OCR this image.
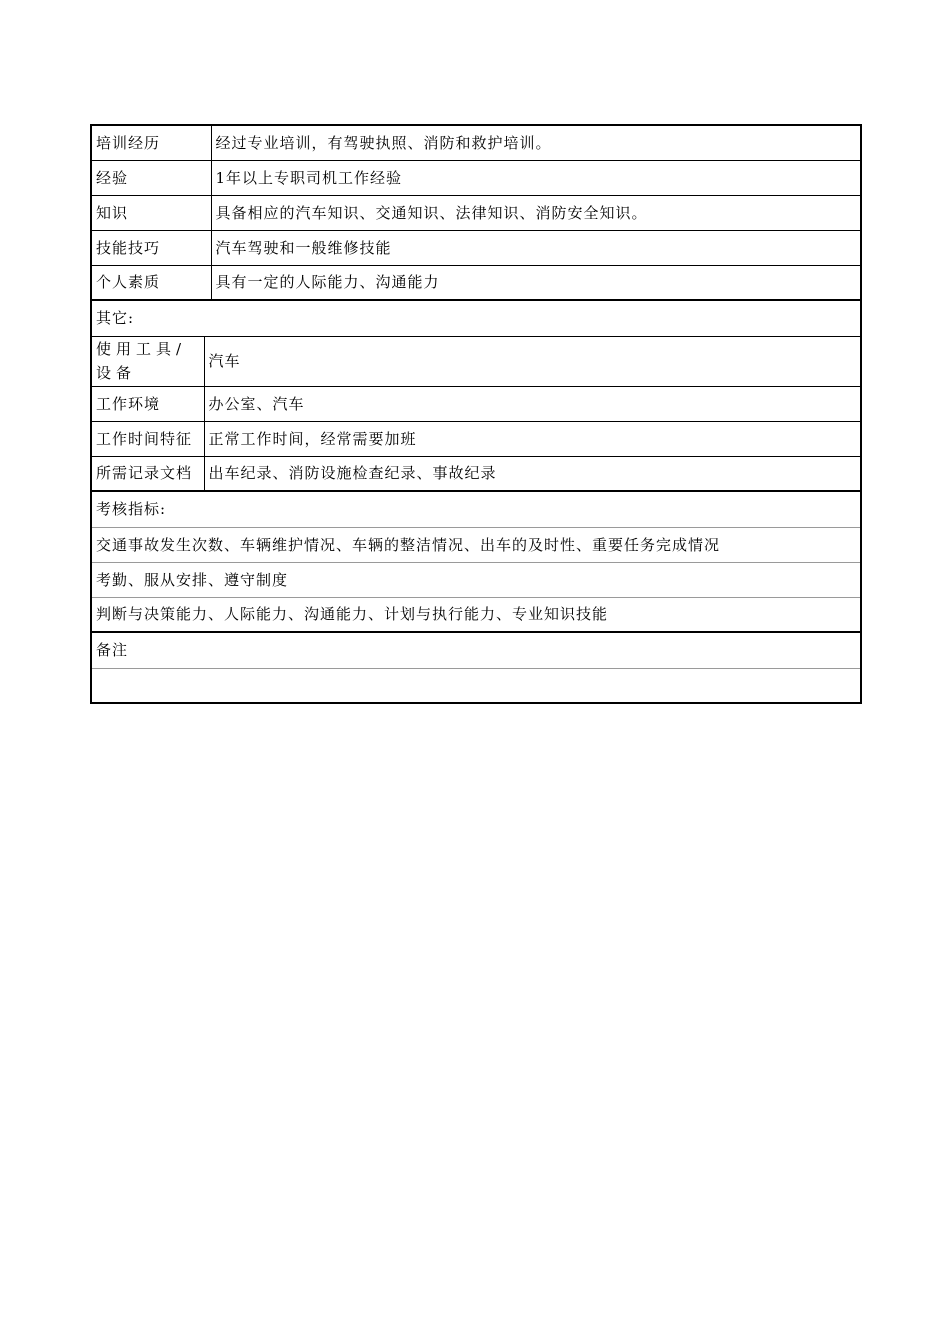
培训经历	经过专业培训，有驾驶执照、消防和救护培训。
经验	1年以上专职司机工作经验
知识	具备相应的汽车知识、交通知识、法律知识、消防安全知识。
技能技巧	汽车驾驶和一般维修技能
个人素质	具有一定的人际能力、沟通能力
其它:	
使用工具/设备	汽车
工作环境	办公室、汽车
工作时间特征	正常工作时间，经常需要加班
所需记录文档	出车纪录、消防设施检查纪录、事故纪录
考核指标:
交通事故发生次数、车辆维护情况、车辆的整洁情况、出车的及时性、重要任务完成情况
考勤、服从安排、遵守制度
判断与决策能力、人际能力、沟通能力、计划与执行能力、专业知识技能
备注
